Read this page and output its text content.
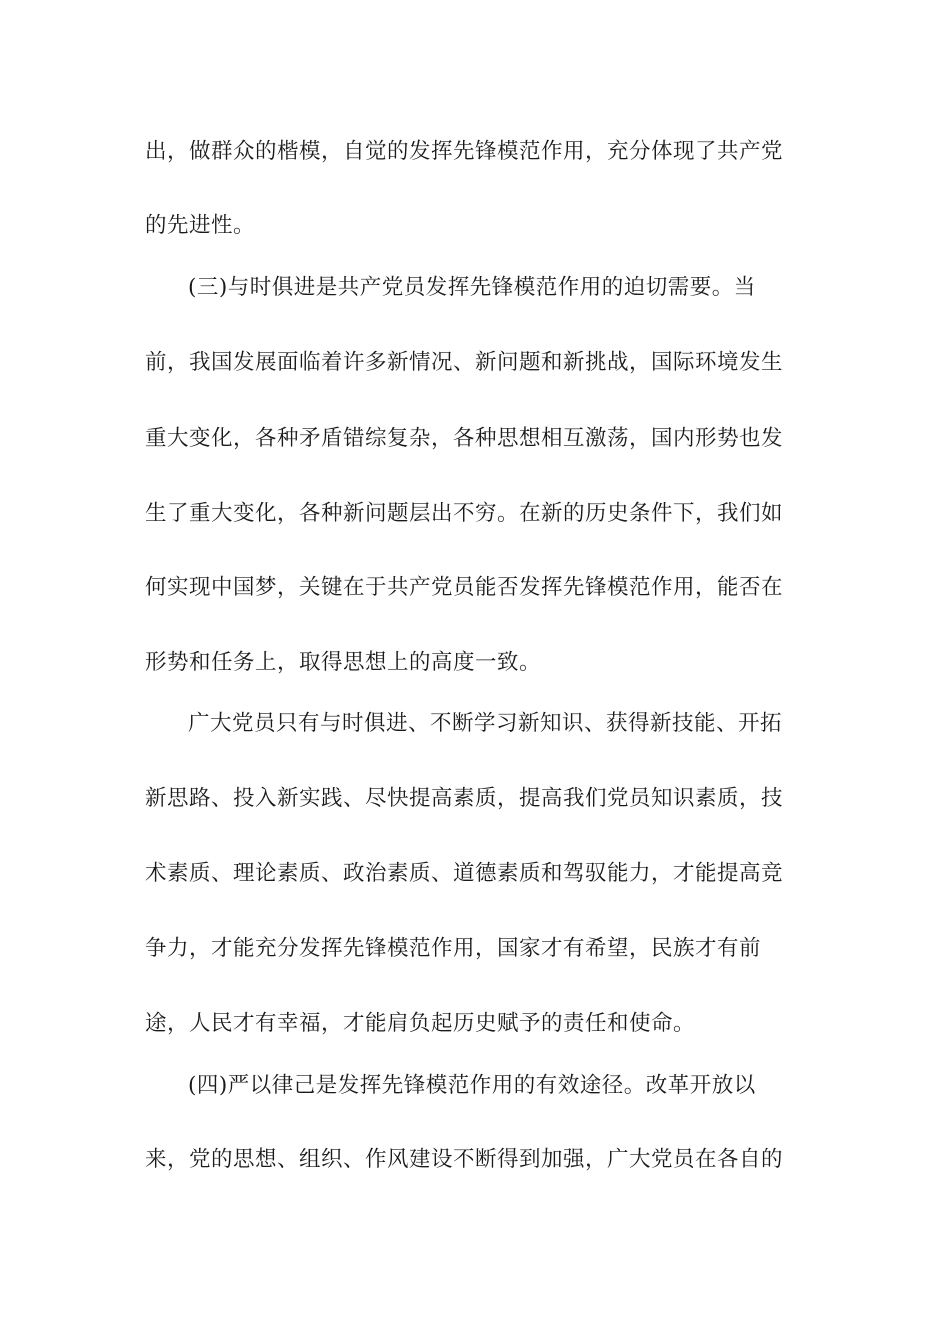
出，做群众的楷模，自觉的发挥先锋模范作用，充分体现了共产党
的先进性。
(三)与时俱进是共产党员发挥先锋模范作用的迫切需要。当
前，我国发展面临着许多新情况、新问题和新挑战，国际环境发生
重大变化，各种矛盾错综复杂，各种思想相互激荡，国内形势也发
生了重大变化，各种新问题层出不穷。在新的历史条件下，我们如
何实现中国梦，关键在于共产党员能否发挥先锋模范作用，能否在
形势和任务上，取得思想上的高度一致。
广大党员只有与时俱进、不断学习新知识、获得新技能、开拓
新思路、投入新实践、尽快提高素质，提高我们党员知识素质，技
术素质、理论素质、政治素质、道德素质和驾驭能力，才能提高竞
争力，才能充分发挥先锋模范作用，国家才有希望，民族才有前
途，人民才有幸福，才能肩负起历史赋予的责任和使命。
(四)严以律己是发挥先锋模范作用的有效途径。改革开放以
来，党的思想、组织、作风建设不断得到加强，广大党员在各自的
